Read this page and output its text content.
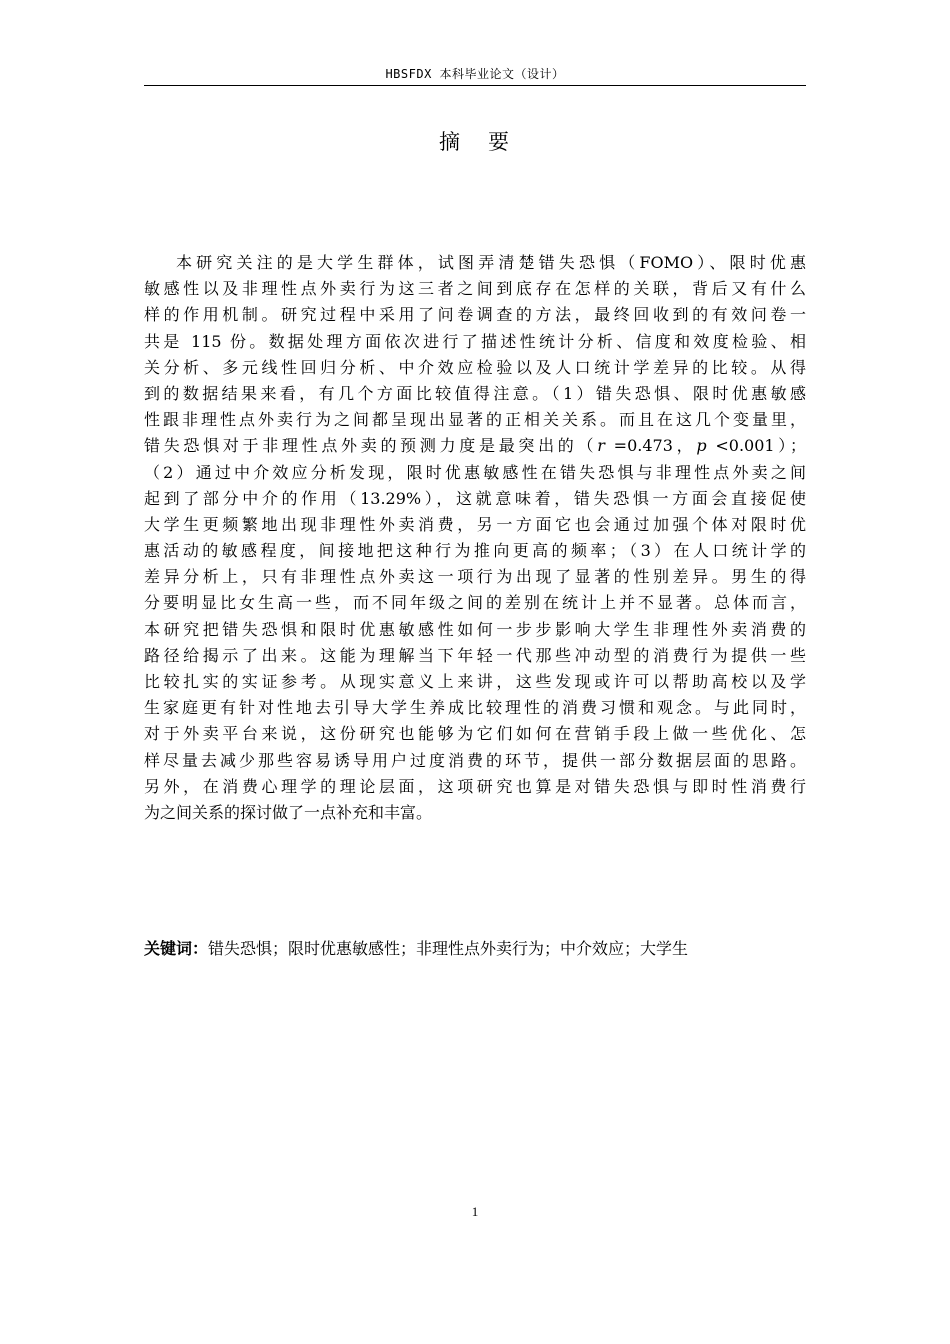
HBSFDX 本科毕业论文（设计）
摘 要
本研究关注的是大学生群体，试图弄清楚错失恐惧（FOMO）、限时优惠
敏感性以及非理性点外卖行为这三者之间到底存在怎样的关联，背后又有什么
样的作用机制。研究过程中采用了问卷调查的方法，最终回收到的有效问卷一
共是 115 份。数据处理方面依次进行了描述性统计分析、信度和效度检验、相
关分析、多元线性回归分析、中介效应检验以及人口统计学差异的比较。从得
到的数据结果来看，有几个方面比较值得注意。（1）错失恐惧、限时优惠敏感
性跟非理性点外卖行为之间都呈现出显著的正相关关系。而且在这几个变量里，
错失恐惧对于非理性点外卖的预测力度是最突出的（r =0.473，p <0.001）；
（2）通过中介效应分析发现，限时优惠敏感性在错失恐惧与非理性点外卖之间
起到了部分中介的作用（13.29%），这就意味着，错失恐惧一方面会直接促使
大学生更频繁地出现非理性外卖消费，另一方面它也会通过加强个体对限时优
惠活动的敏感程度，间接地把这种行为推向更高的频率；（3）在人口统计学的
差异分析上，只有非理性点外卖这一项行为出现了显著的性别差异。男生的得
分要明显比女生高一些，而不同年级之间的差别在统计上并不显著。总体而言，
本研究把错失恐惧和限时优惠敏感性如何一步步影响大学生非理性外卖消费的
路径给揭示了出来。这能为理解当下年轻一代那些冲动型的消费行为提供一些
比较扎实的实证参考。从现实意义上来讲，这些发现或许可以帮助高校以及学
生家庭更有针对性地去引导大学生养成比较理性的消费习惯和观念。与此同时，
对于外卖平台来说，这份研究也能够为它们如何在营销手段上做一些优化、怎
样尽量去减少那些容易诱导用户过度消费的环节，提供一部分数据层面的思路。
另外，在消费心理学的理论层面，这项研究也算是对错失恐惧与即时性消费行
为之间关系的探讨做了一点补充和丰富。
关键词：错失恐惧；限时优惠敏感性；非理性点外卖行为；中介效应；大学生
1
